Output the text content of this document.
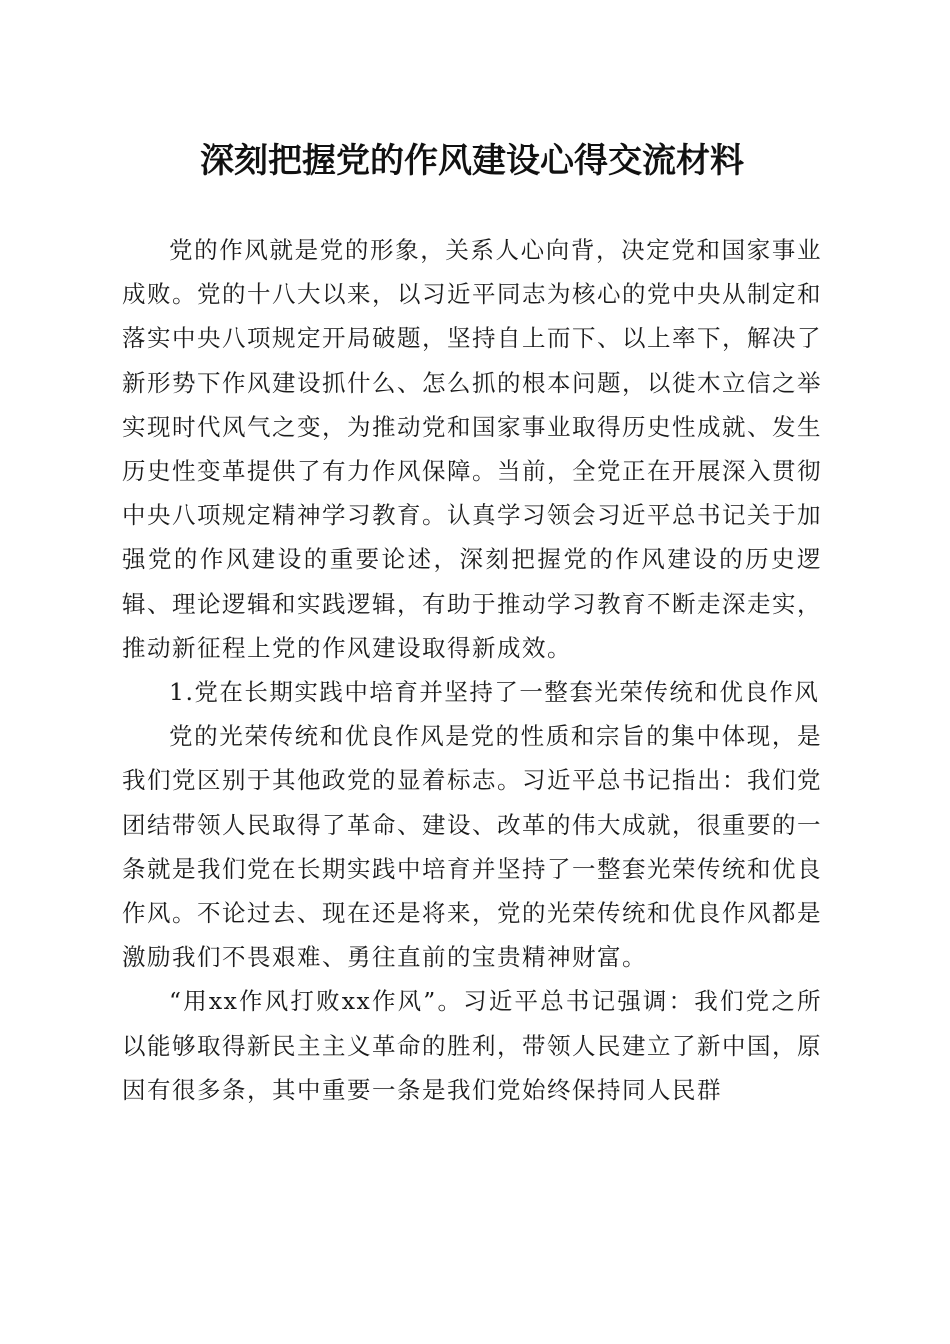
深刻把握党的作风建设心得交流材料

党的作风就是党的形象，关系人心向背，决定党和国家事业成败。党的十八大以来，以习近平同志为核心的党中央从制定和落实中央八项规定开局破题，坚持自上而下、以上率下，解决了新形势下作风建设抓什么、怎么抓的根本问题，以徙木立信之举实现时代风气之变，为推动党和国家事业取得历史性成就、发生历史性变革提供了有力作风保障。当前，全党正在开展深入贯彻中央八项规定精神学习教育。认真学习领会习近平总书记关于加强党的作风建设的重要论述，深刻把握党的作风建设的历史逻辑、理论逻辑和实践逻辑，有助于推动学习教育不断走深走实，推动新征程上党的作风建设取得新成效。

1.党在长期实践中培育并坚持了一整套光荣传统和优良作风

党的光荣传统和优良作风是党的性质和宗旨的集中体现，是我们党区别于其他政党的显着标志。习近平总书记指出：我们党团结带领人民取得了革命、建设、改革的伟大成就，很重要的一条就是我们党在长期实践中培育并坚持了一整套光荣传统和优良作风。不论过去、现在还是将来，党的光荣传统和优良作风都是激励我们不畏艰难、勇往直前的宝贵精神财富。

“用xx作风打败xx作风”。习近平总书记强调：我们党之所以能够取得新民主主义革命的胜利，带领人民建立了新中国，原因有很多条，其中重要一条是我们党始终保持同人民群
